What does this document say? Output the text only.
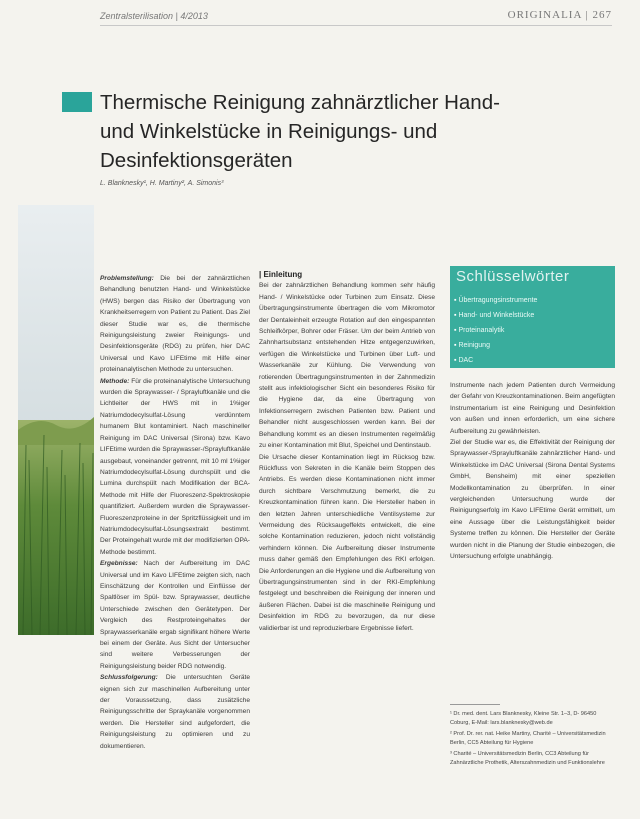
Zentralsterilisation | 4/2013	ORIGINALIA | 267
Thermische Reinigung zahnärztlicher Hand-
und Winkelstücke in Reinigungs- und
Desinfektionsgeräten
L. Blanknesky¹, H. Martiny², A. Simonis³

Problemstellung: Die bei der zahnärztlichen Behandlung benutzten Hand- und Winkelstücke (HWS) bergen das Risiko der Übertragung von Krankheitserregern von Patient zu Patient. Das Ziel dieser Studie war es, die thermische Reinigungsleistung zweier Reinigungs- und Desinfektionsgeräte (RDG) zu prüfen, hier DAC Universal und Kavo LIFEtime mit Hilfe einer proteinanalytischen Methode zu untersuchen.

Methode: Für die proteinanalytische Untersuchung wurden die Spraywasser- / Sprayluftkanäle und die Lichtleiter der HWS mit in 1%iger Natriumdodecylsulfat-Lösung verdünntem humanem Blut kontaminiert. Nach maschineller Reinigung im DAC Universal (Sirona) bzw. Kavo LIFEtime wurden die Spraywasser-/Sprayluftkanäle ausgebaut, voneinander getrennt, mit 10 ml 1%iger Natriumdodecylsulfat-Lösung durchspült und die Lumina durchspült nach Modifikation der BCA-Methode mit Hilfe der Fluoreszenz-Spektroskopie quantifiziert. Außerdem wurden die Spraywasser-Fluoreszenzproteine in der Spritzflüssigkeit und im Natriumdodecylsulfat-Lösungsextrakt bestimmt. Der Proteingehalt wurde mit der modifizierten OPA-Methode bestimmt.

Ergebnisse: Nach der Aufbereitung im DAC Universal und im Kavo LIFEtime zeigten sich, nach Einschätzung der Kontrollen und Einflüsse der Spaltlöser im Spül- bzw. Spraywasser, deutliche Unterschiede zwischen den Gerätetypen. Der Vergleich des Restproteingehaltes der Spraywasserkanäle ergab signifikant höhere Werte bei einem der Geräte. Aus Sicht der Untersucher sind weitere Verbesserungen der Reinigungsleistung beider RDG notwendig.

Schlussfolgerung: Die untersuchten Geräte eignen sich zur maschinellen Aufbereitung unter der Voraussetzung, dass zusätzliche Reinigungsschritte der Spraykanäle vorgenommen werden. Die Hersteller sind aufgefordert, die Reinigungsleistung zu optimieren und zu dokumentieren.

| Einleitung

Bei der zahnärztlichen Behandlung kommen sehr häufig Hand- / Winkelstücke oder Turbinen zum Einsatz. Diese Übertragungsinstrumente übertragen die vom Mikromotor der Dentaleinheit erzeugte Rotation auf den eingespannten Schleifkörper, Bohrer oder Fräser. Um der beim Antrieb von Zahnhartsubstanz entstehenden Hitze entgegenzuwirken, verfügen die Winkelstücke und Turbinen über Luft- und Wasserkanäle zur Kühlung. Die Verwendung von rotierenden Übertragungsinstrumenten in der Zahnmedizin stellt aus infektiologischer Sicht ein besonderes Risiko für die Hygiene dar, da eine Übertragung von Infektionserregern zwischen Patienten bzw. Patient und Behandler nicht ausgeschlossen werden kann. Bei der Behandlung kommt es an diesen Instrumenten regelmäßig zu einer Kontamination mit Blut, Speichel und Dentinstaub.

Die Ursache dieser Kontamination liegt im Rücksog bzw. Rückfluss von Sekreten in die Kanäle beim Stoppen des Antriebs. Es werden diese Kontaminationen nicht immer durch sichtbare Verschmutzung bemerkt, die zu Kreuzkontamination führen kann. Die Hersteller haben in den letzten Jahren unterschiedliche Ventilsysteme zur Vermeidung des Rücksaugeffekts entwickelt, die eine solche Kontamination reduzieren, jedoch nicht vollständig verhindern können. Die Aufbereitung dieser Instrumente muss daher gemäß den Empfehlungen des RKI erfolgen. Die Anforderungen an die Hygiene und die Aufbereitung von Übertragungsinstrumenten sind in der RKI-Empfehlung festgelegt und beschreiben die Reinigung der inneren und äußeren Flächen. Dabei ist die maschinelle Reinigung und Desinfektion im RDG zu bevorzugen, da nur diese validierbar ist und reproduzierbare Ergebnisse liefert.

Schlüsselwörter
▪ Übertragungsinstrumente
▪ Hand- und Winkelstücke
▪ Proteinanalytik
▪ Reinigung
▪ DAC

Instrumente nach jedem Patienten durch Vermeidung der Gefahr von Kreuzkontaminationen. Beim angefügten Instrumentarium ist eine Reinigung und Desinfektion von außen und innen erforderlich, um eine sichere Aufbereitung zu gewährleisten.

Ziel der Studie war es, die Effektivität der Reinigung der Spraywasser-/Sprayluftkanäle zahnärztlicher Hand- und Winkelstücke im DAC Universal (Sirona Dental Systems GmbH, Bensheim) mit einer speziellen Modellkontamination zu überprüfen. In einer vergleichenden Untersuchung wurde der Reinigungserfolg im Kavo LIFEtime Gerät ermittelt, um eine Aussage über die Leistungsfähigkeit beider Systeme treffen zu können. Die Hersteller der Geräte wurden nicht in die Planung der Studie einbezogen, die Untersuchung erfolgte unabhängig.

¹ Dr. med. dent. Lars Blanknesky, Kleine Str. 1–3, D- 96450 Coburg, E-Mail: lars.blanknesky@web.de

² Prof. Dr. rer. nat. Heike Martiny, Charité – Universitätsmedizin Berlin, CC5 Abteilung für Hygiene

³ Charité – Universitätsmedizin Berlin, CC3 Abteilung für Zahnärztliche Prothetik, Alterszahnmedizin und Funktionslehre
